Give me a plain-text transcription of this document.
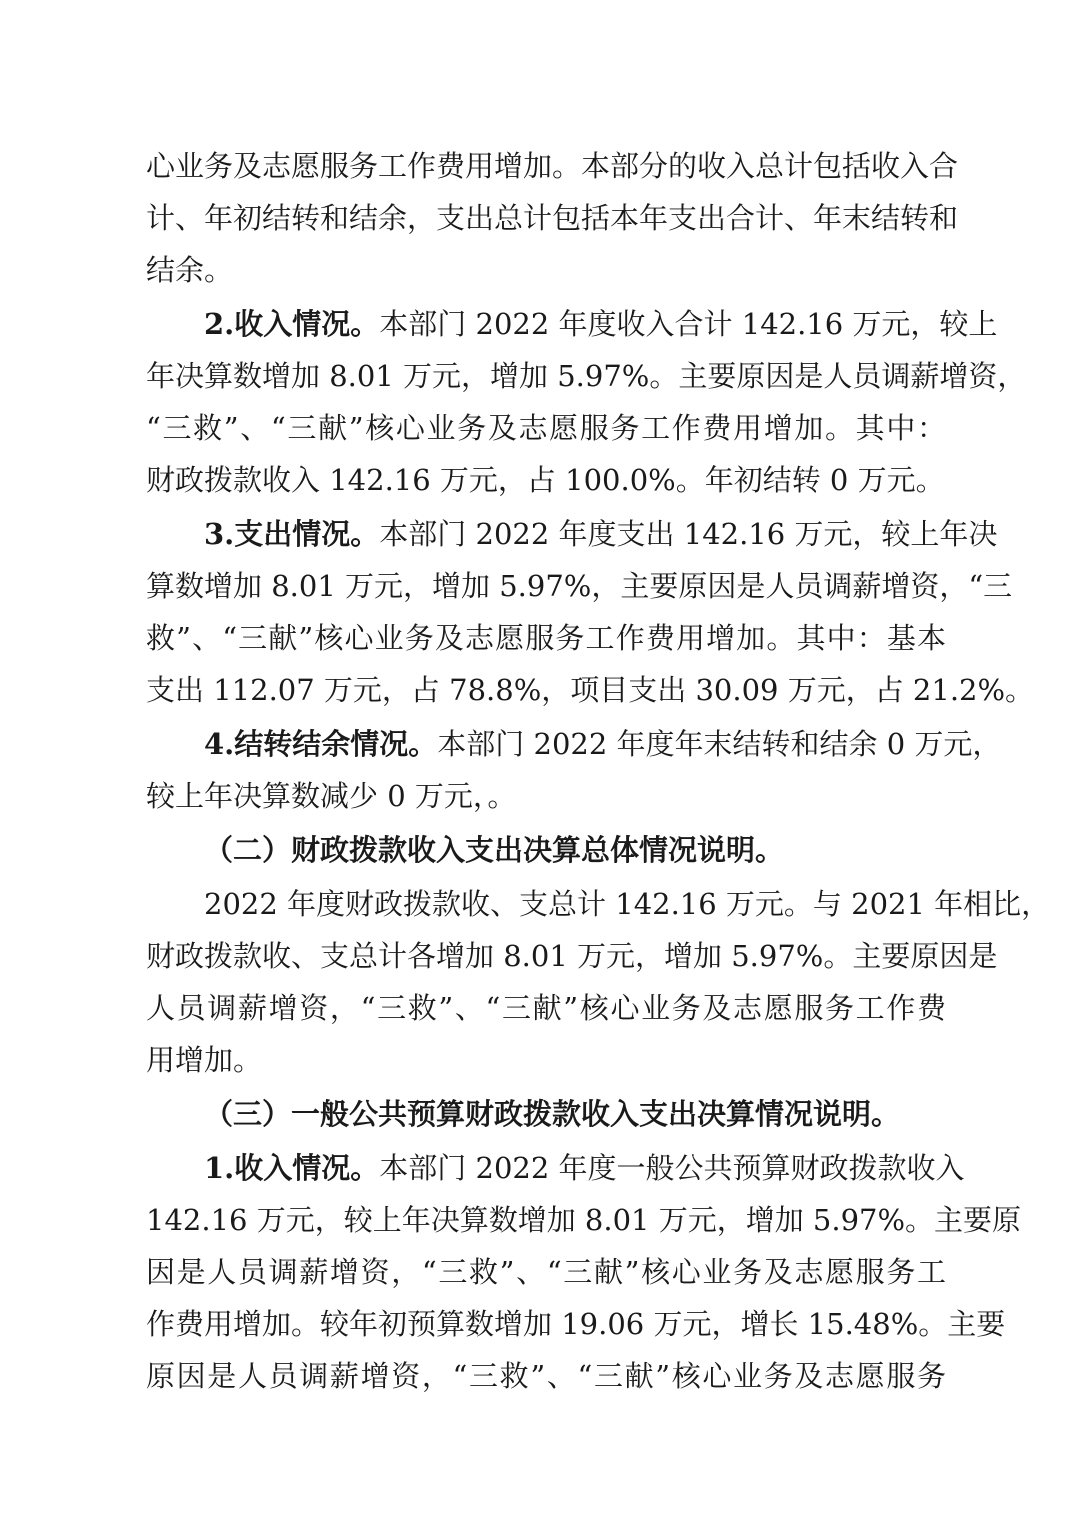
心业务及志愿服务工作费用增加。本部分的收入总计包括收入合
计、年初结转和结余，支出总计包括本年支出合计、年末结转和
结余。
2.收入情况。本部门 2022 年度收入合计 142.16 万元，较上
年决算数增加 8.01 万元，增加 5.97%。主要原因是人员调薪增资，
“三救”、“三献”核心业务及志愿服务工作费用增加。其中：
财政拨款收入 142.16 万元，占 100.0%。年初结转 0 万元。
3.支出情况。本部门 2022 年度支出 142.16 万元，较上年决
算数增加 8.01 万元，增加 5.97%，主要原因是人员调薪增资，“三
救”、“三献”核心业务及志愿服务工作费用增加。其中：基本
支出 112.07 万元，占 78.8%，项目支出 30.09 万元，占 21.2%。
4.结转结余情况。本部门 2022 年度年末结转和结余 0 万元，
较上年决算数减少 0 万元，。
（二）财政拨款收入支出决算总体情况说明。
2022 年度财政拨款收、支总计 142.16 万元。与 2021 年相比，
财政拨款收、支总计各增加 8.01 万元，增加 5.97%。主要原因是
人员调薪增资，“三救”、“三献”核心业务及志愿服务工作费
用增加。
（三）一般公共预算财政拨款收入支出决算情况说明。
1.收入情况。本部门 2022 年度一般公共预算财政拨款收入
142.16 万元，较上年决算数增加 8.01 万元，增加 5.97%。主要原
因是人员调薪增资，“三救”、“三献”核心业务及志愿服务工
作费用增加。较年初预算数增加 19.06 万元，增长 15.48%。主要
原因是人员调薪增资，“三救”、“三献”核心业务及志愿服务
